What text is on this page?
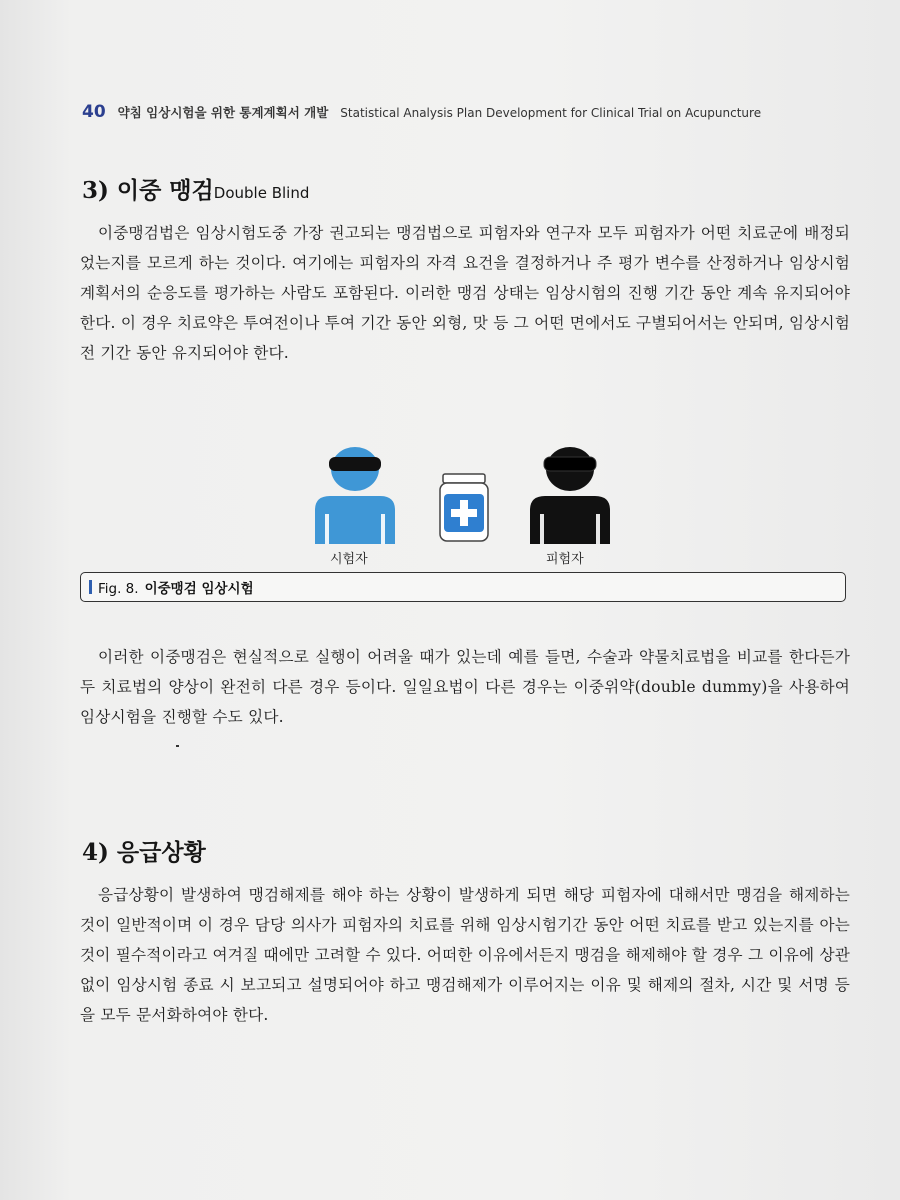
40 약침 임상시험을 위한 통계계획서 개발 Statistical Analysis Plan Development for Clinical Trial on Acupuncture
3) 이중 맹검Double Blind

이중맹검법은 임상시험도중 가장 권고되는 맹검법으로 피험자와 연구자 모두 피험자가 어떤 치료군에 배정되었는지를 모르게 하는 것이다. 여기에는 피험자의 자격 요건을 결정하거나 주 평가 변수를 산정하거나 임상시험계획서의 순응도를 평가하는 사람도 포함된다. 이러한 맹검 상태는 임상시험의 진행 기간 동안 계속 유지되어야 한다. 이 경우 치료약은 투여전이나 투여 기간 동안 외형, 맛 등 그 어떤 면에서도 구별되어서는 안되며, 임상시험 전 기간 동안 유지되어야 한다.

시험자	피험자
Fig. 8. 이중맹검 임상시험

이러한 이중맹검은 현실적으로 실행이 어려울 때가 있는데 예를 들면, 수술과 약물치료법을 비교를 한다든가 두 치료법의 양상이 완전히 다른 경우 등이다. 일일요법이 다른 경우는 이중위약(double dummy)을 사용하여 임상시험을 진행할 수도 있다.

4) 응급상황

응급상황이 발생하여 맹검해제를 해야 하는 상황이 발생하게 되면 해당 피험자에 대해서만 맹검을 해제하는 것이 일반적이며 이 경우 담당 의사가 피험자의 치료를 위해 임상시험기간 동안 어떤 치료를 받고 있는지를 아는 것이 필수적이라고 여겨질 때에만 고려할 수 있다. 어떠한 이유에서든지 맹검을 해제해야 할 경우 그 이유에 상관없이 임상시험 종료 시 보고되고 설명되어야 하고 맹검해제가 이루어지는 이유 및 해제의 절차, 시간 및 서명 등을 모두 문서화하여야 한다.
